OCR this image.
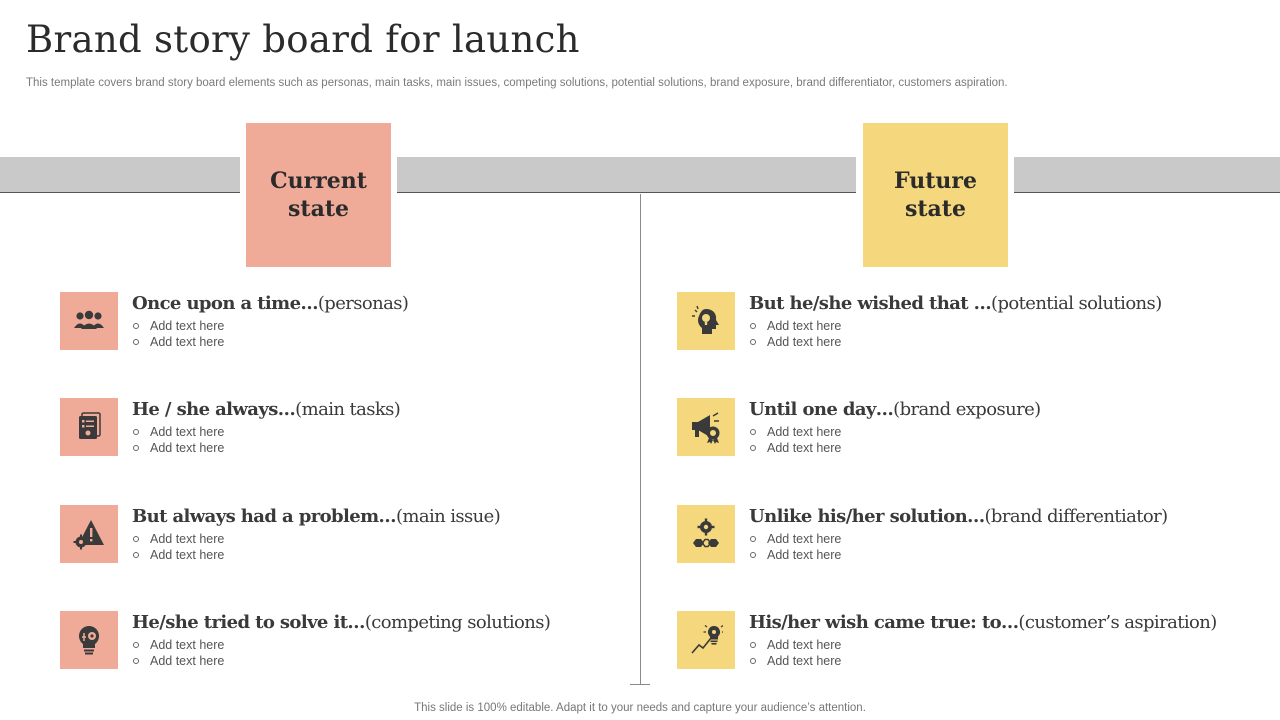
Brand story board for launch
This template covers brand story board elements such as personas, main tasks, main issues, competing solutions, potential solutions, brand exposure, brand differentiator, customers aspiration.
Current
state
Future
state
Once upon a time…(personas)
Add text here
Add text here
He / she always…(main tasks)
Add text here
Add text here
But always had a problem…(main issue)
Add text here
Add text here
He/she tried to solve it…(competing solutions)
Add text here
Add text here
But he/she wished that …(potential solutions)
Add text here
Add text here
Until one day…(brand exposure)
Add text here
Add text here
Unlike his/her solution…(brand differentiator)
Add text here
Add text here
His/her wish came true: to…(customer’s aspiration)
Add text here
Add text here
This slide is 100% editable. Adapt it to your needs and capture your audience’s attention.
